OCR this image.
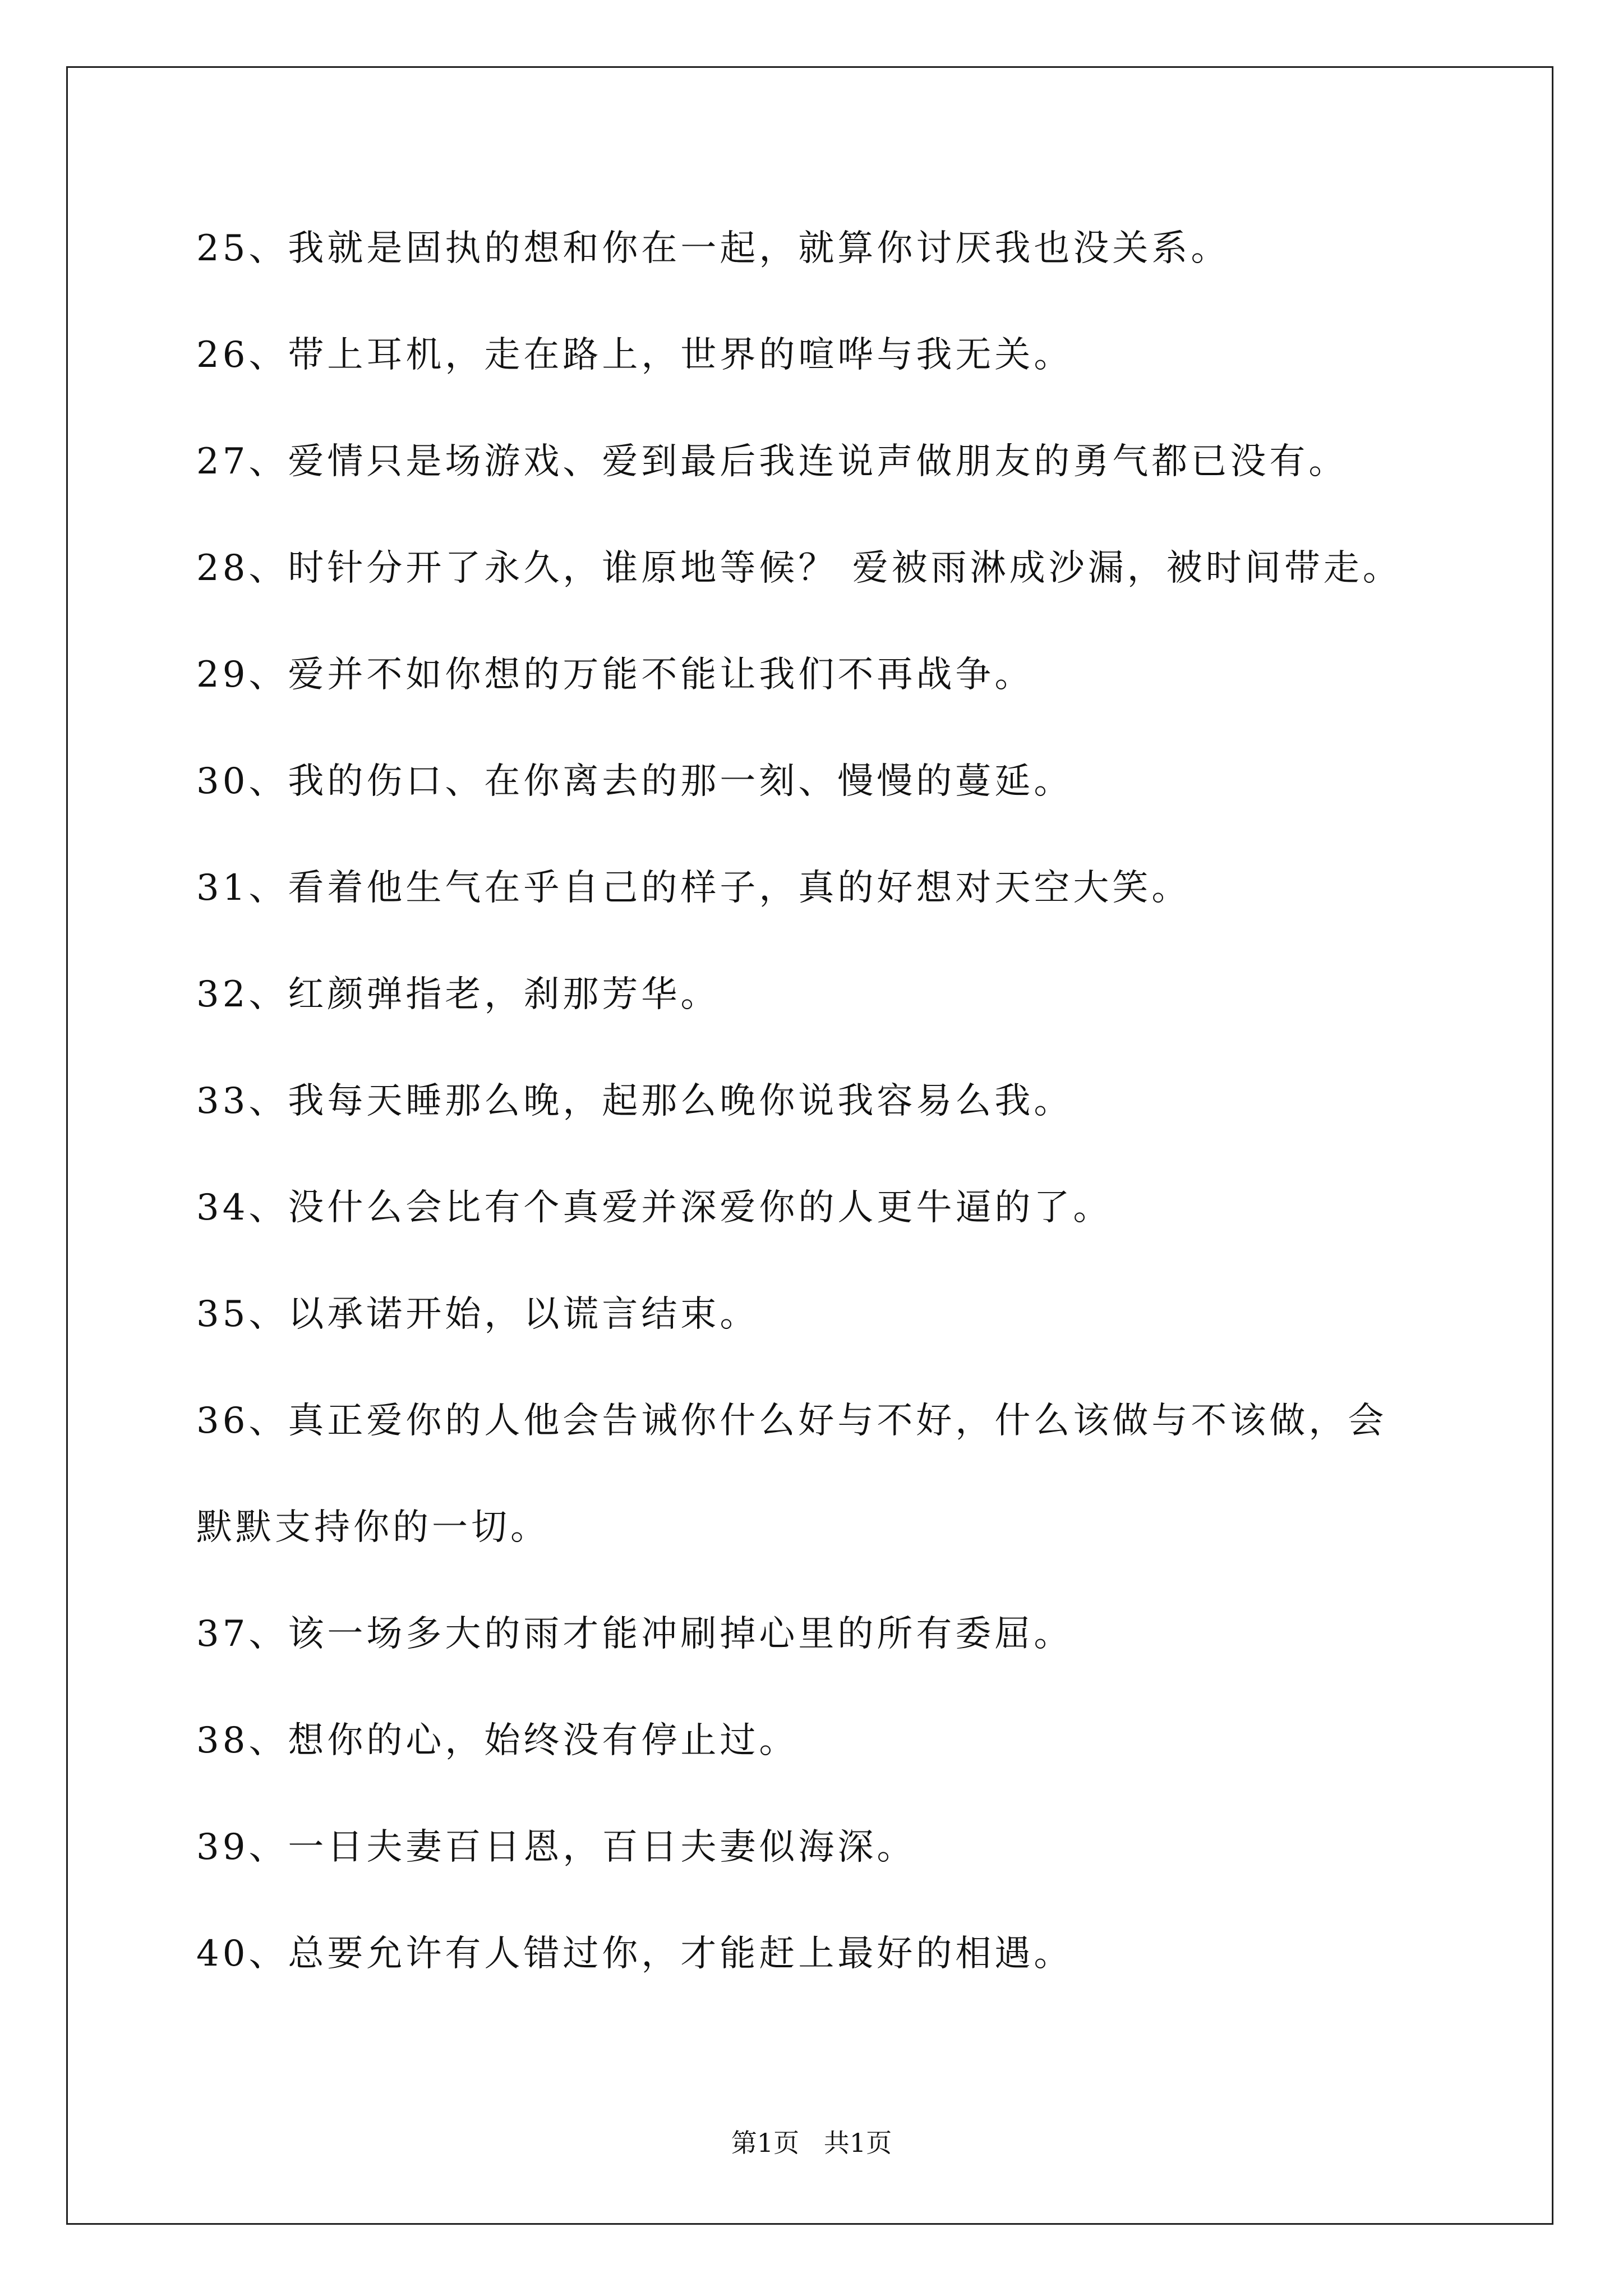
25、我就是固执的想和你在一起，就算你讨厌我也没关系。
26、带上耳机，走在路上，世界的喧哗与我无关。
27、爱情只是场游戏、爱到最后我连说声做朋友的勇气都已没有。
28、时针分开了永久，谁原地等候？ 爱被雨淋成沙漏，被时间带走。
29、爱并不如你想的万能不能让我们不再战争。
30、我的伤口、在你离去的那一刻、慢慢的蔓延。
31、看着他生气在乎自己的样子，真的好想对天空大笑。
32、红颜弹指老，刹那芳华。
33、我每天睡那么晚，起那么晚你说我容易么我。
34、没什么会比有个真爱并深爱你的人更牛逼的了。
35、以承诺开始，以谎言结束。
36、真正爱你的人他会告诫你什么好与不好，什么该做与不该做，会
默默支持你的一切。
37、该一场多大的雨才能冲刷掉心里的所有委屈。
38、想你的心，始终没有停止过。
39、一日夫妻百日恩，百日夫妻似海深。
40、总要允许有人错过你，才能赶上最好的相遇。
第1页   共1页
